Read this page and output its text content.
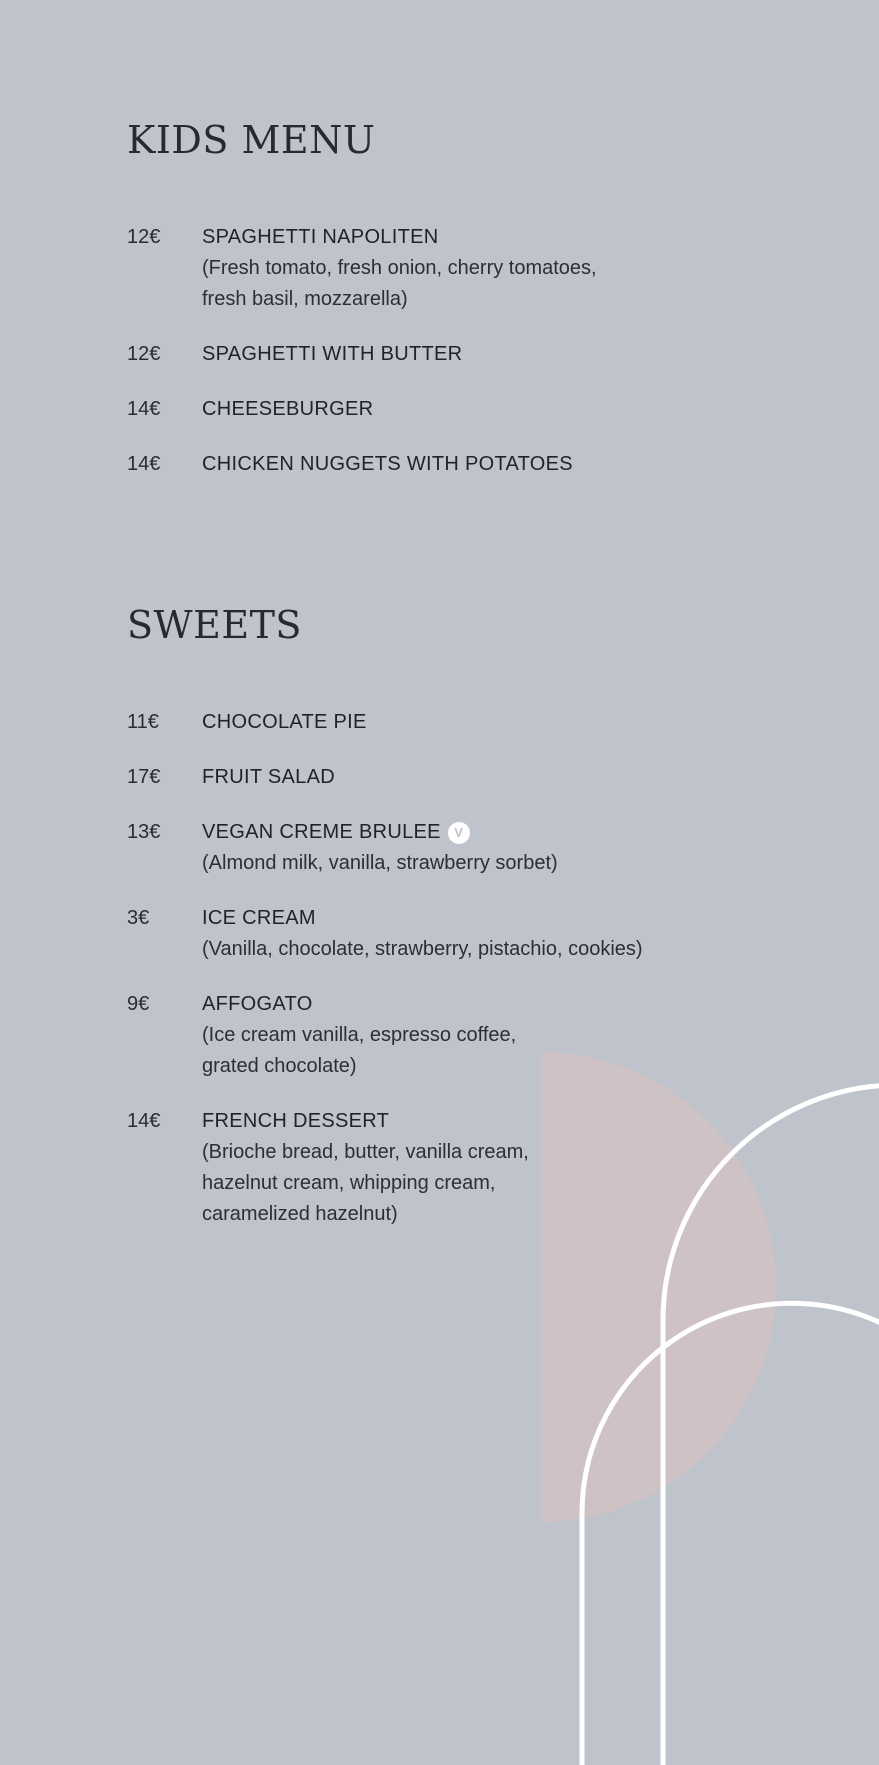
KIDS MENU
12€	SPAGHETTI NAPOLITEN
(Fresh tomato, fresh onion, cherry tomatoes,
fresh basil, mozzarella)
12€	SPAGHETTI WITH BUTTER
14€	CHEESEBURGER
14€	CHICKEN NUGGETS WITH POTATOES
SWEETS
11€	CHOCOLATE PIE
17€	FRUIT SALAD
13€	VEGAN CREME BRULEE	V
(Almond milk, vanilla, strawberry sorbet)
3€	ICE CREAM
(Vanilla, chocolate, strawberry, pistachio, cookies)
9€	AFFOGATO
(Ice cream vanilla, espresso coffee,
grated chocolate)
14€	FRENCH DESSERT
(Brioche bread, butter, vanilla cream,
hazelnut cream, whipping cream,
caramelized hazelnut)
